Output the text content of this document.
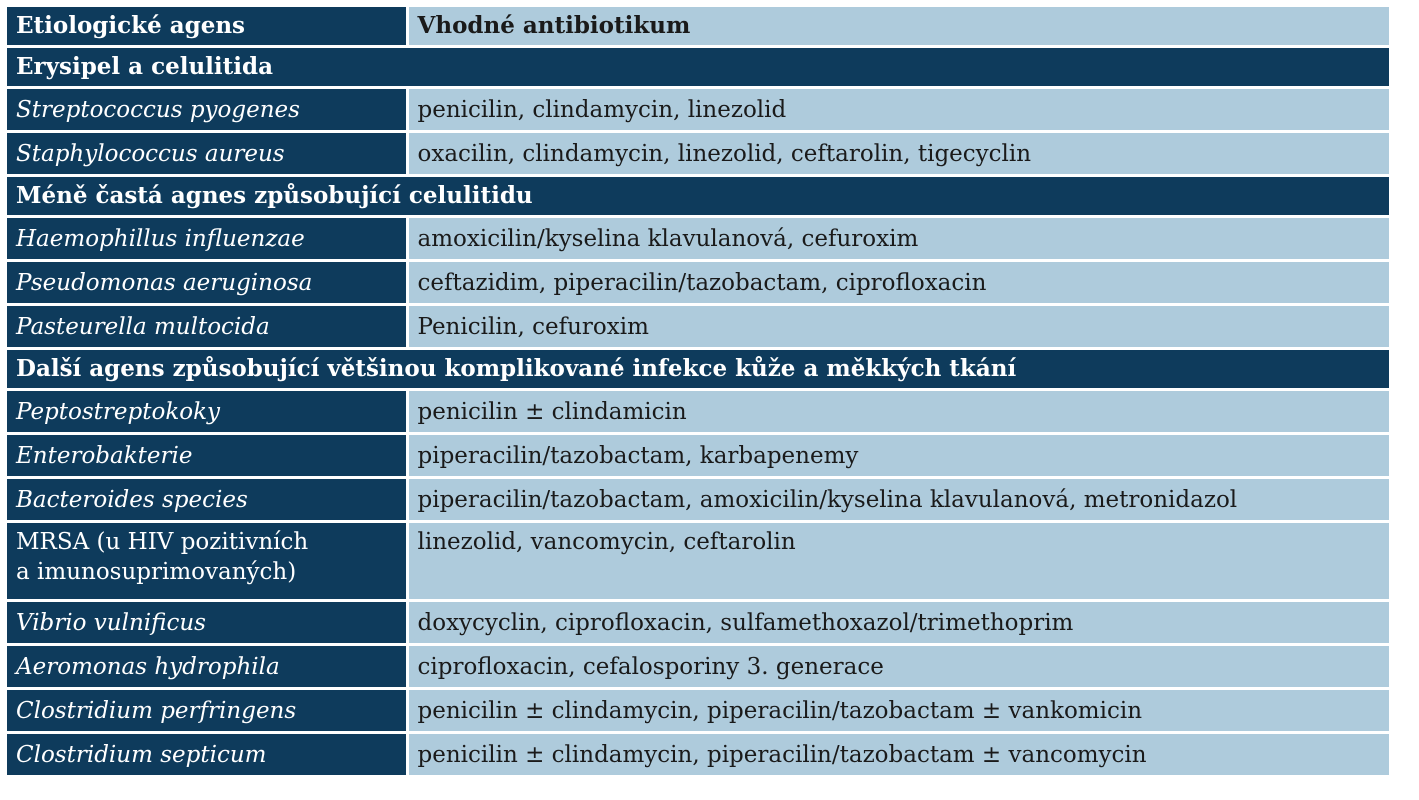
Etiologické agens	Vhodné antibiotikum
Erysipel a celulitida	
Streptococcus pyogenes	penicilin, clindamycin, linezolid
Staphylococcus aureus	oxacilin, clindamycin, linezolid, ceftarolin, tigecyclin
Méně častá agnes způsobující celulitidu	
Haemophillus influenzae	amoxicilin/kyselina klavulanová, cefuroxim
Pseudomonas aeruginosa	ceftazidim, piperacilin/tazobactam, ciprofloxacin
Pasteurella multocida	Penicilin, cefuroxim
Další agens způsobující většinou komplikované infekce kůže a měkkých tkání	
Peptostreptokoky	penicilin ± clindamicin
Enterobakterie	piperacilin/tazobactam, karbapenemy
Bacteroides species	piperacilin/tazobactam, amoxicilin/kyselina klavulanová, metronidazol

MRSA (u HIV pozitivních
a imunosuprimovaných)	linezolid, vancomycin, ceftarolin
Vibrio vulnificus	doxycyclin, ciprofloxacin, sulfamethoxazol/trimethoprim
Aeromonas hydrophila	ciprofloxacin, cefalosporiny 3. generace
Clostridium perfringens	penicilin ± clindamycin, piperacilin/tazobactam ± vankomicin
Clostridium septicum	penicilin ± clindamycin, piperacilin/tazobactam ± vancomycin
